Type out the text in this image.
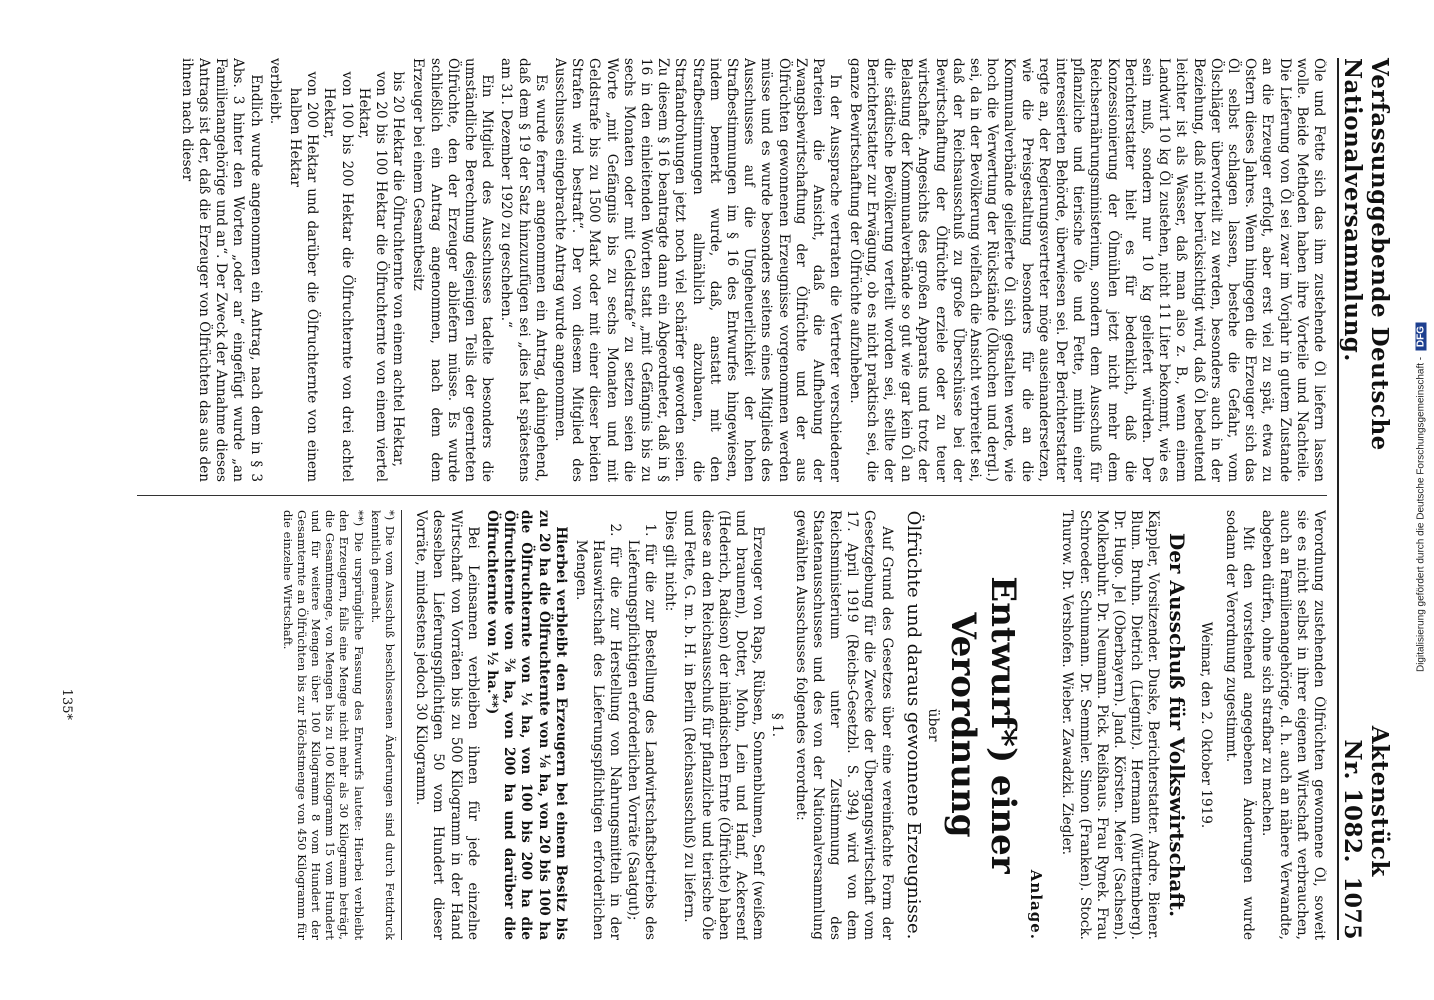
Verfassunggebende Deutsche Nationalversammlung.
Aktenstück Nr. 1082.
1075

Öle und Fette sich das ihm zustehende Öl liefern lassen wolle. Beide Methoden haben ihre Vorteile und Nachteile. Die Lieferung von Öl sei zwar im Vorjahr in gutem Zustande an die Erzeuger erfolgt, aber erst viel zu spät, etwa zu Ostern dieses Jahres. Wenn hingegen die Erzeuger sich das Öl selbst schlagen lassen, bestehe die Gefahr, vom Ölschläger übervorteilt zu werden, besonders auch in der Beziehung, daß nicht berücksichtigt wird, daß Öl bedeutend leichter ist als Wasser, daß man also z. B., wenn einem Landwirt 10 kg Öl zustehen, nicht 11 Liter bekommt, wie es sein muß, sondern nur 10 kg geliefert würden. Der Berichterstatter hielt es für bedenklich, daß die Konzessionierung der Ölmühlen jetzt nicht mehr dem Reichsernährungsministerium, sondern dem Ausschuß für pflanzliche und tierische Öle und Fette, mithin einer interessierten Behörde, überwiesen sei. Der Berichterstatter regte an, der Regierungsvertreter möge auseinandersetzen, wie die Preisgestaltung besonders für die an die Kommunalverbände gelieferte Öl sich gestalten werde, wie hoch die Verwertung der Rückstände (Ölkuchen und dergl.) sei, da in der Bevölkerung vielfach die Ansicht verbreitet sei, daß der Reichsausschuß zu große Überschüsse bei der Bewirtschaftung der Ölfrüchte erziele oder zu teuer wirtschafte. Angesichts des großen Apparats und trotz der Belastung der Kommunalverbände so gut wie gar kein Öl an die städtische Bevölkerung verteilt worden sei, stellte der Berichterstatter zur Erwägung, ob es nicht praktisch sei, die ganze Bewirtschaftung der Ölfrüchte aufzuheben.

In der Aussprache vertraten die Vertreter verschiedener Parteien die Ansicht, daß die Aufhebung der Zwangsbewirtschaftung der Ölfrüchte und der aus Ölfrüchten gewonnenen Erzeugnisse vorgenommen werden müsse und es wurde besonders seitens eines Mitglieds des Ausschusses auf die Ungeheuerlichkeit der hohen Strafbestimmungen im § 16 des Entwurfes hingewiesen, indem bemerkt wurde, daß, anstatt mit den Strafbestimmungen allmählich abzubauen, die Strafandrohungen jetzt noch viel schärfer geworden seien. Zu diesem § 16 beantragte dann ein Abgeordneter, daß in § 16 in den einleitenden Worten statt „mit Gefängnis bis zu sechs Monaten oder mit Geldstrafe“ zu setzen seien die Worte „mit Gefängnis bis zu sechs Monaten und mit Geldstrafe bis zu 1500 Mark oder mit einer dieser beiden Strafen wird bestraft“. Der von diesem Mitglied des Ausschusses eingebrachte Antrag wurde angenommen.

Es wurde ferner angenommen ein Antrag, dahingehend, daß dem § 19 der Satz hinzuzufügen sei „dies hat spätestens am 31. Dezember 1920 zu geschehen.“

Ein Mitglied des Ausschusses tadelte besonders die umständliche Berechnung desjenigen Teils der geernteten Ölfrüchte, den der Erzeuger abliefern müsse. Es wurde schließlich ein Antrag angenommen, nach dem dem Erzeuger bei einem Gesamtbesitz

bis 20 Hektar die Ölfruchternte von einem achtel Hektar,
von 20 bis 100 Hektar die Ölfruchternte von einem viertel Hektar,
von 100 bis 200 Hektar die Ölfruchternte von drei achtel Hektar,
von 200 Hektar und darüber die Ölfruchternte von einem halben Hektar

verbleibt.

Endlich wurde angenommen ein Antrag, nach dem in § 3 Abs. 3 hinter den Worten „oder an“ eingefügt wurde „an Familienangehörige und an“. Der Zweck der Annahme dieses Antrags ist der, daß die Erzeuger von Ölfrüchten das aus den ihnen nach dieser

Verordnung zustehenden Ölfrüchten gewonnene Öl, soweit sie es nicht selbst in ihrer eigenen Wirtschaft verbrauchen, auch an Familienangehörige, d. h. auch an nähere Verwandte, abgeben dürfen, ohne sich strafbar zu machen.

Mit den vorstehend angegebenen Änderungen wurde sodann der Verordnung zugestimmt.

Weimar, den 2. Oktober 1919.
Der Ausschuß für Volkswirtschaft.

Käppler, Vorsitzender. Duske, Berichterstatter. Andre. Biener. Blum. Bruhn. Dietrich (Liegnitz). Hermann (Württemberg). Dr. Hugo. Jel (Oberbayern). Jand. Körsten. Meier (Sachsen). Molkenbuhr. Dr. Neumann. Pick. Reißhaus. Frau Rynek. Frau Schroeder. Schumann. Dr. Semmler. Simon (Franken). Stock. Thurow. Dr. Vershofen. Wieber. Zawadzki. Ziegler.

Anlage.
Entwurf*) einer Verordnung
über
Ölfrüchte und daraus gewonnene Erzeugnisse.

Auf Grund des Gesetzes über eine vereinfachte Form der Gesetzgebung für die Zwecke der Übergangswirtschaft vom 17. April 1919 (Reichs-Gesetzbl. S. 394) wird von dem Reichsministerium unter Zustimmung des Staatenausschusses und des von der Nationalversammlung gewählten Ausschusses folgendes verordnet:

§ 1.

Erzeuger von Raps, Rübsen, Sonnenblumen, Senf (weißem und braunem), Dotter, Mohn, Lein und Hanf, Ackersenf (Hederich, Radison) der inländischen Ernte (Ölfrüchte) haben diese an den Reichsausschuß für pflanzliche und tierische Öle und Fette, G. m. b. H. in Berlin (Reichsausschuß) zu liefern.

Dies gilt nicht:

1. für die zur Bestellung des Landwirtschaftsbetriebs des Lieferungspflichtigen erforderlichen Vorräte (Saatgut);
2. für die zur Herstellung von Nahrungsmitteln in der Hauswirtschaft des Lieferungspflichtigen erforderlichen Mengen.

Hierbei verbleibt den Erzeugern bei einem Besitz bis zu 20 ha die Ölfruchternte von ⅛ ha, von 20 bis 100 ha die Ölfruchternte von ¼ ha, von 100 bis 200 ha die Ölfruchternte von ⅜ ha, von 200 ha und darüber die Ölfruchternte von ½ ha.**)

Bei Leinsamen verbleiben ihnen für jede einzelne Wirtschaft von Vorräten bis zu 500 Kilogramm in der Hand desselben Lieferungspflichtigen 50 vom Hundert dieser Vorräte, mindestens jedoch 30 Kilogramm.

*) Die vom Ausschuß beschlossenen Änderungen sind durch Fettdruck kenntlich gemacht.
**) Die ursprüngliche Fassung des Entwurfs lautete: Hierbei verbleibt den Erzeugern, falls eine Menge nicht mehr als 30 Kilogramm beträgt, die Gesamtmenge, von Mengen bis zu 100 Kilogramm 15 vom Hundert und für weitere Mengen über 100 Kilogramm 8 vom Hundert der Gesamternte an Ölfrüchten bis zur Höchstmenge von 450 Kilogramm für die einzelne Wirtschaft.
135*
Digitalisierung gefördert durch die Deutsche Forschungsgemeinschaft - DFG
